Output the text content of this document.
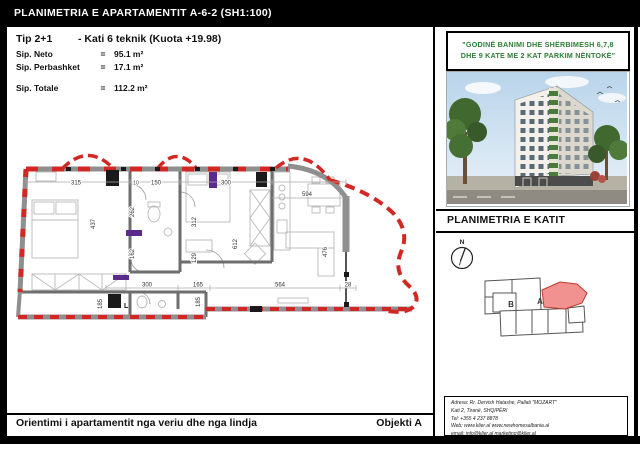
PLANIMETRIA E APARTAMENTIT A-6-2 (SH1:100)
Tip 2+1	- Kati 6 teknik (Kuota +19.98)
Sip. Neto	=	95.1 m²
Sip. Perbashket	=	17.1 m²
Sip. Totale	=	112.2 m²
315	10 150	300
594
300	165	564	28
437
262
312
129
162
612
476
185	185
L
Orientimi i apartamentit nga veriu dhe nga lindja	Objekti A
"GODINË BANIMI DHE SHËRBIMESH 6,7,8
DHE 9 KATE ME 2 KAT PARKIM NËNTOKË"
PLANIMETRIA E KATIT
N
B	A
Adresa: Rr. Dervish Hatashe, Pallati "MOZART"
Kati 2, Tiranë, SHQIPËRI
Tel: +355 4 237 8878
Web: www.klier.al www.newhomesalbania.al
email: info@klier.al marketing@klier.al
